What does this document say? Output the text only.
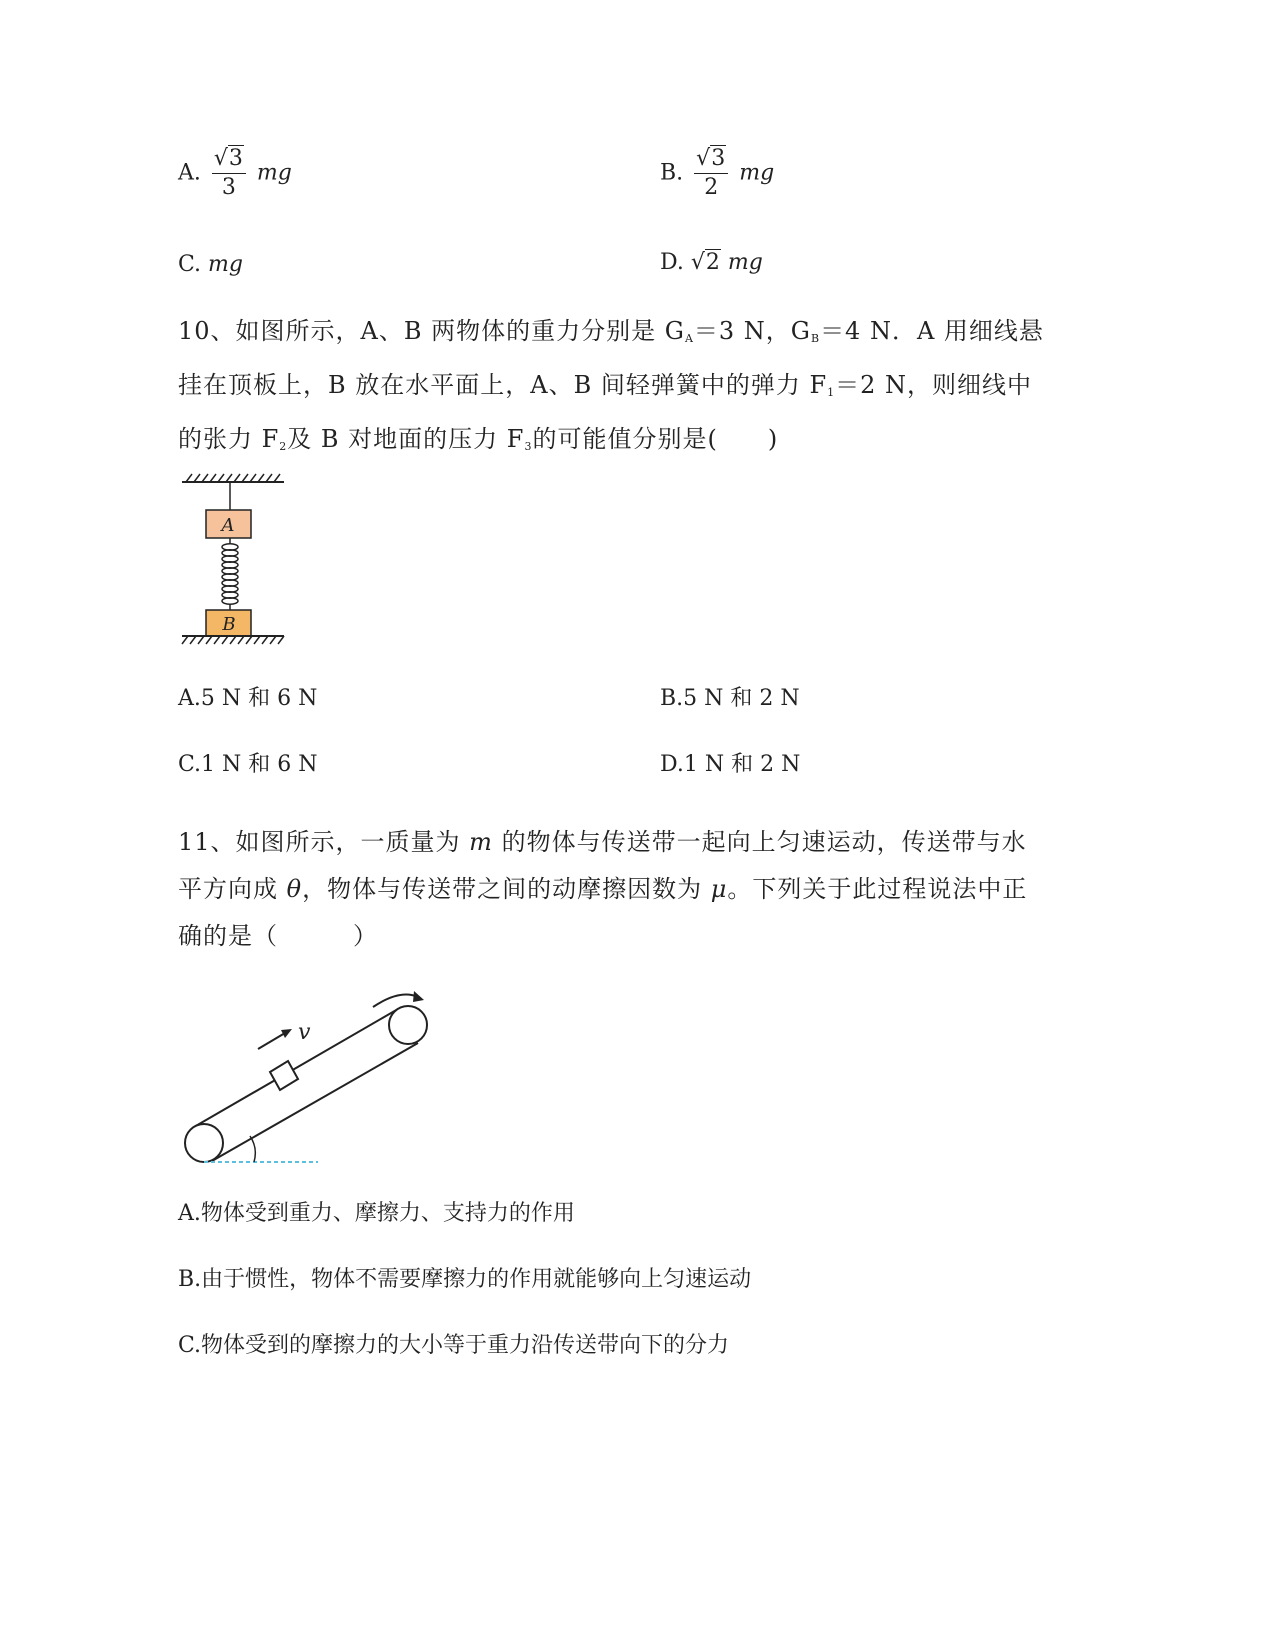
A. $\frac{√3}{3}$ mg	B. $\frac{√3}{2}$ mg
C. mg	D. √2 mg
10、如图所示，A、B 两物体的重力分别是 $G_A=3$ N，$G_B=4$ N．A 用细线悬挂在顶板上，B 放在水平面上，A、B 间轻弹簧中的弹力 $F_1=2$ N，则细线中的张力 $F_2$及 B 对地面的压力 $F_3$的可能值分别是(　　)
A
B
A.5 N 和 6 N	B.5 N 和 2 N
C.1 N 和 6 N	D.1 N 和 2 N
11、如图所示，一质量为 m 的物体与传送带一起向上匀速运动，传送带与水平方向成 θ，物体与传送带之间的动摩擦因数为 μ。下列关于此过程说法中正确的是（　　　）
v
A.物体受到重力、摩擦力、支持力的作用
B.由于惯性，物体不需要摩擦力的作用就能够向上匀速运动
C.物体受到的摩擦力的大小等于重力沿传送带向下的分力
